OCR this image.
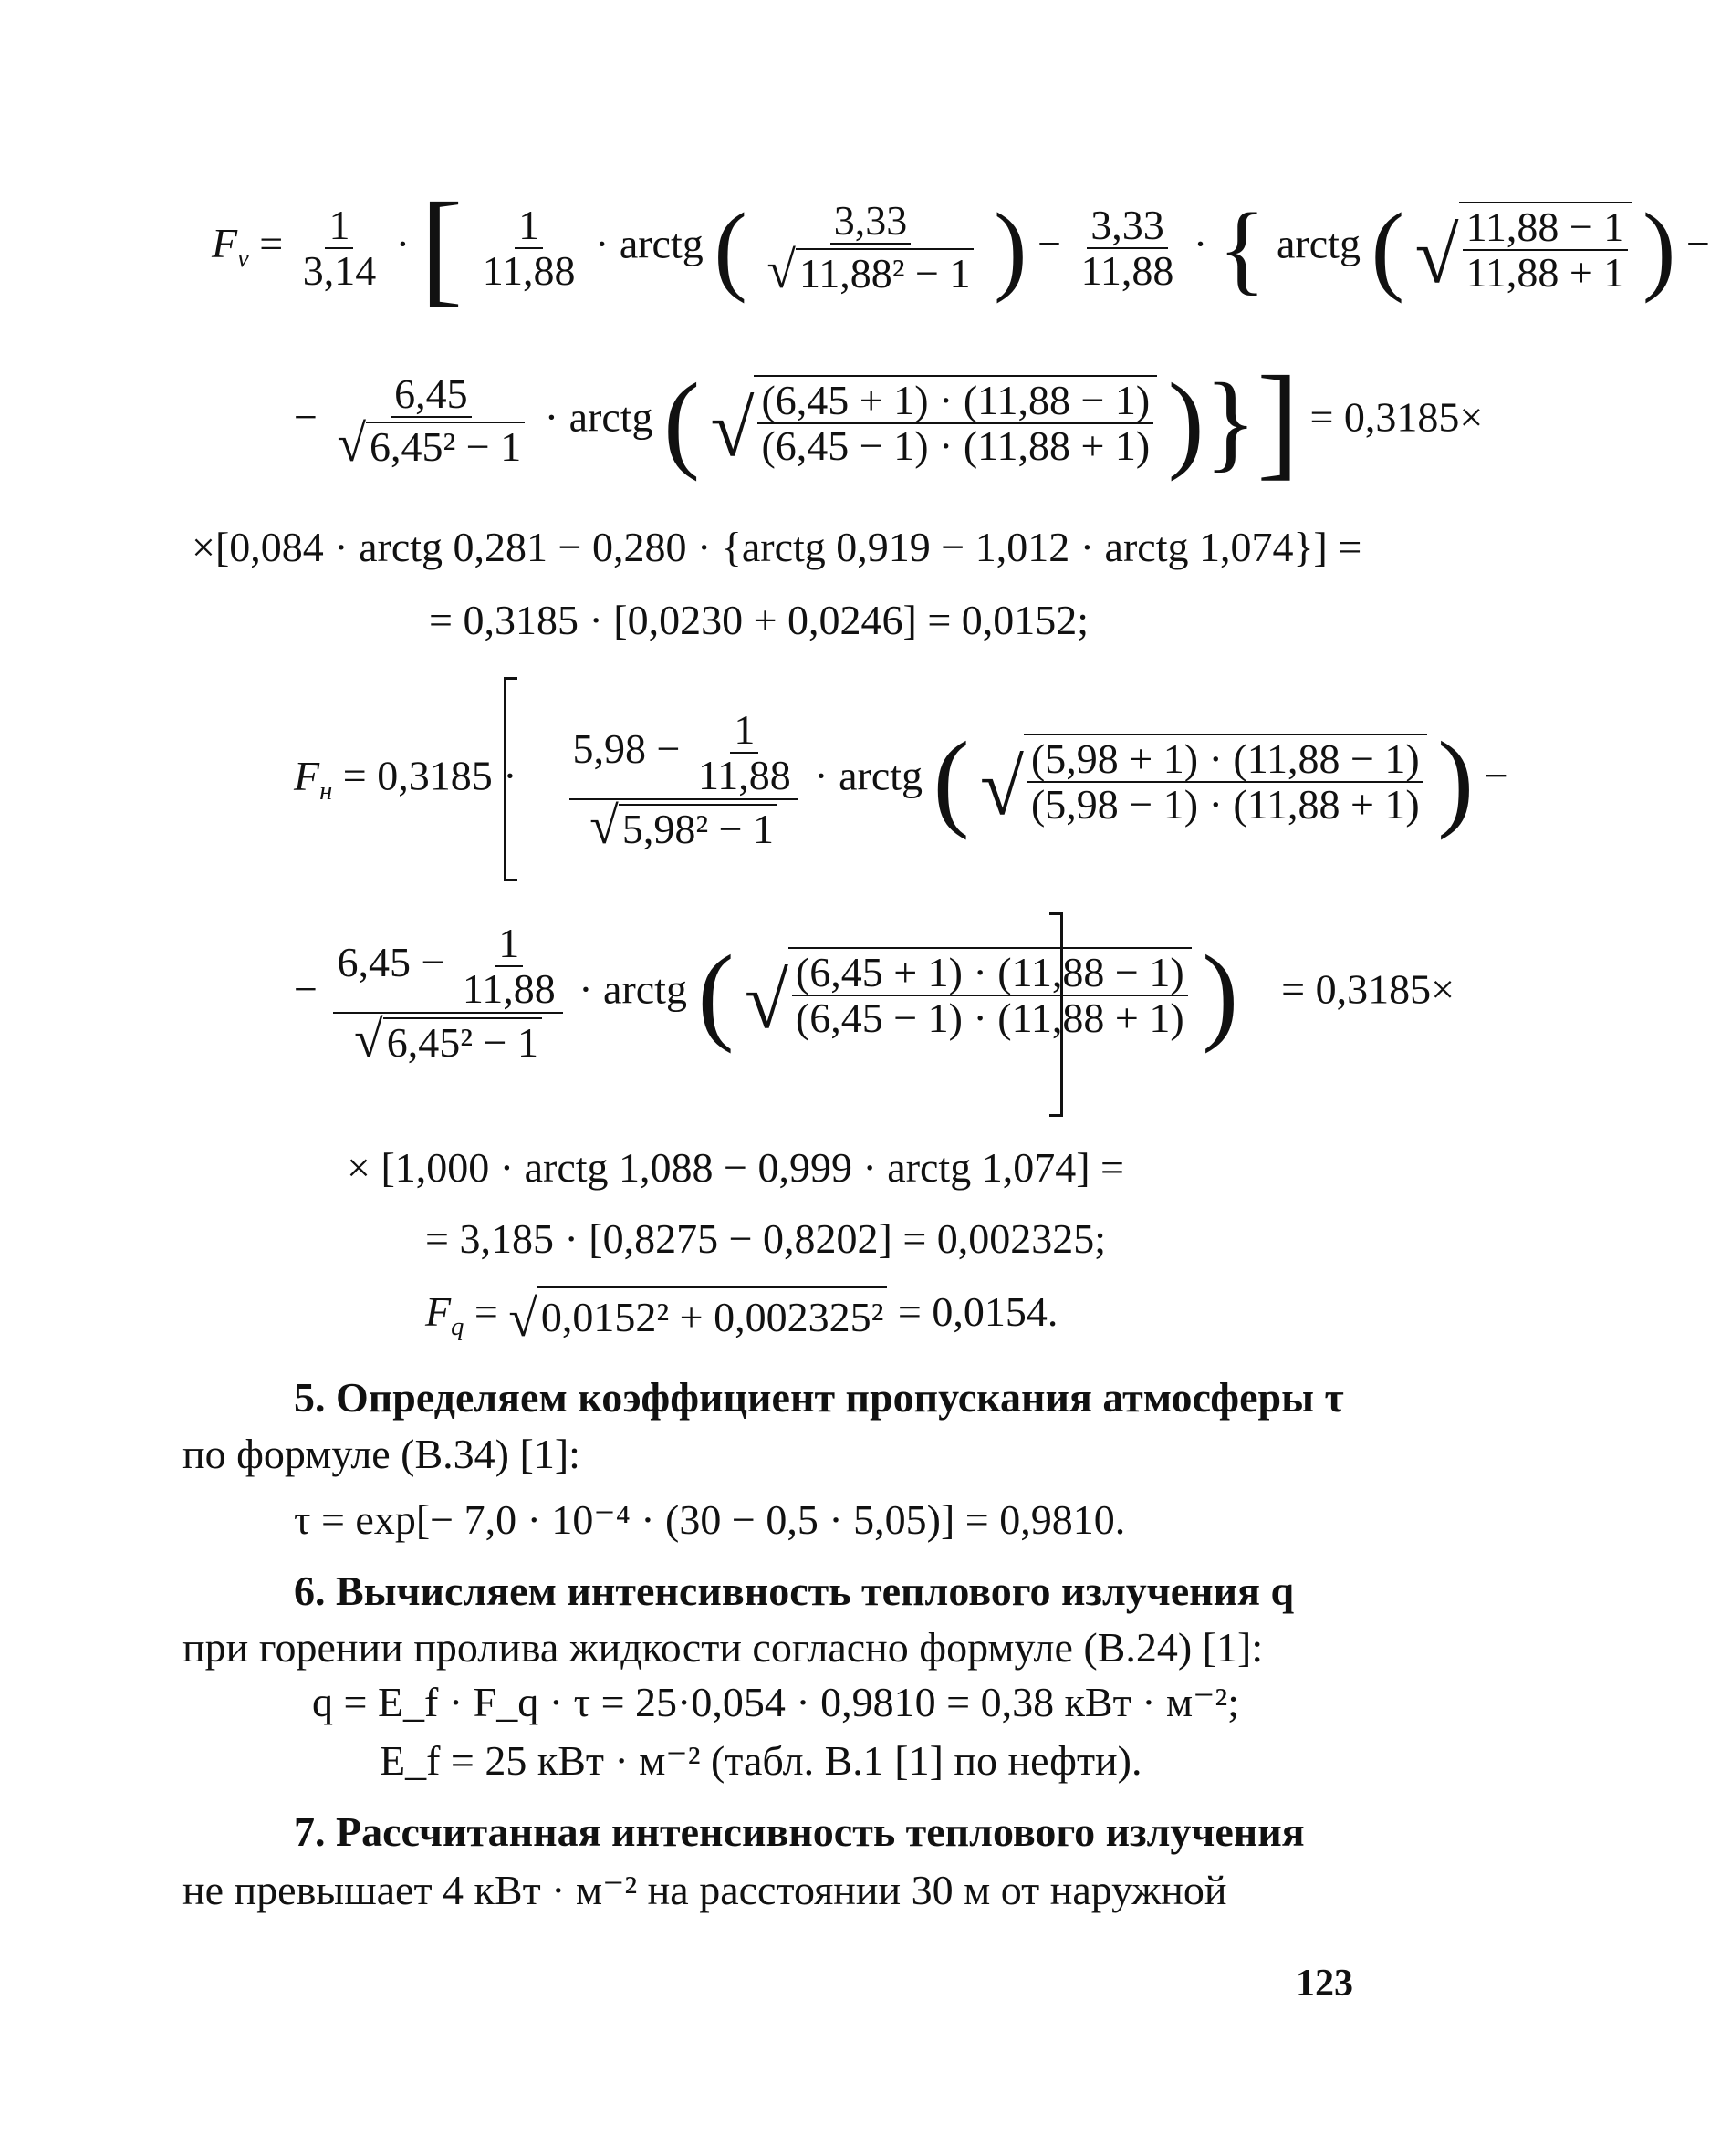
$F_v = \frac{1}{3,14}$ · [ $\frac{1}{11,88}$ · arctg ( $\frac{3,33}{\text{√11,88² − 1}}$ ) − $\frac{3,33}{11,88}$ · { arctg ( √ $\frac{11,88 - 1}{11,88 + 1}$ ) −
− $\frac{6,45}{\text{√6,45² − 1}}$ · arctg ( √ $\frac{(6,45 + 1) \cdot (11,88 - 1)}{(6,45 - 1) \cdot (11,88 + 1)}$ )}] = 0,3185×
×[0,084 · arctg 0,281 − 0,280 · {arctg 0,919 − 1,012 · arctg 1,074}] =
= 0,3185 · [0,0230 + 0,0246] = 0,0152;
$F_н = 0,3185 \cdot \frac{5,98 - \frac{1}{11,88}}{\text{√5,98² − 1}}$ · arctg ( √ $\frac{(5,98 + 1) \cdot (11,88 - 1)}{(5,98 - 1) \cdot (11,88 + 1)}$ ) −
− $\frac{6,45 - \frac{1}{11,88}}{\text{√6,45² − 1}}$ · arctg ( √ $\frac{(6,45 + 1) \cdot (11,88 - 1)}{(6,45 - 1) \cdot (11,88 + 1)}$ ) = 0,3185×
× [1,000 · arctg 1,088 − 0,999 · arctg 1,074] =
= 3,185 · [0,8275 − 0,8202] = 0,002325;
$F_q$ = √ 0,0152² + 0,002325² = 0,0154.
5. Определяем коэффициент пропускания атмосферы τ
по формуле (В.34) [1]:
τ = exp[− 7,0 · 10⁻⁴ · (30 − 0,5 · 5,05)] = 0,9810.
6. Вычисляем интенсивность теплового излучения q
при горении пролива жидкости согласно формуле (В.24) [1]:
q = E_f · F_q · τ = 25·0,054 · 0,9810 = 0,38 кВт · м⁻²;
E_f = 25 кВт · м⁻² (табл. В.1 [1] по нефти).
7. Рассчитанная интенсивность теплового излучения
не превышает 4 кВт · м⁻² на расстоянии 30 м от наружной
123
